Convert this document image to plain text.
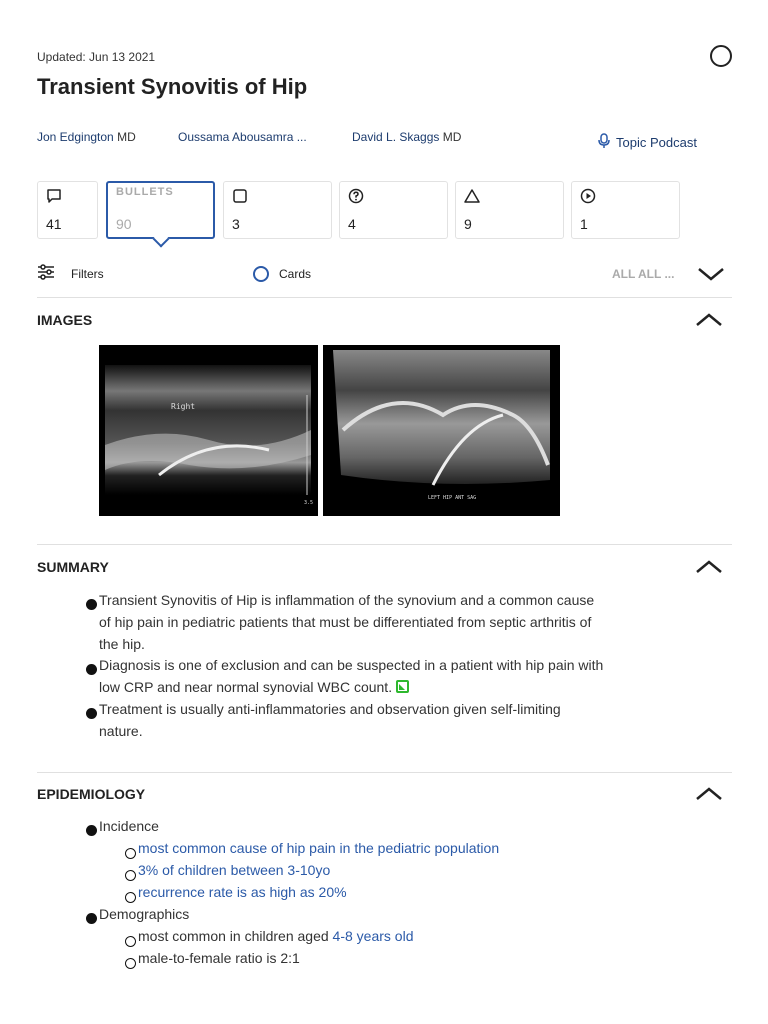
Updated: Jun 13 2021
Transient Synovitis of Hip
Jon Edgington MD	Oussama Abousamra ...	David L. Skaggs MD	Topic Podcast
41
BULLETS
90	3	4	9	1
Filters	Cards	ALL ALL ...
IMAGES
Right
3.5
LEFT HIP ANT SAG
SUMMARY
Transient Synovitis of Hip is inflammation of the synovium and a common cause
of hip pain in pediatric patients that must be differentiated from septic arthritis of
the hip.
Diagnosis is one of exclusion and can be suspected in a patient with hip pain with
low CRP and near normal synovial WBC count.
Treatment is usually anti-inflammatories and observation given self-limiting
nature.
EPIDEMIOLOGY
Incidence
most common cause of hip pain in the pediatric population
3% of children between 3-10yo
recurrence rate is as high as 20%
Demographics
most common in children aged 4-8 years old
male-to-female ratio is 2:1
